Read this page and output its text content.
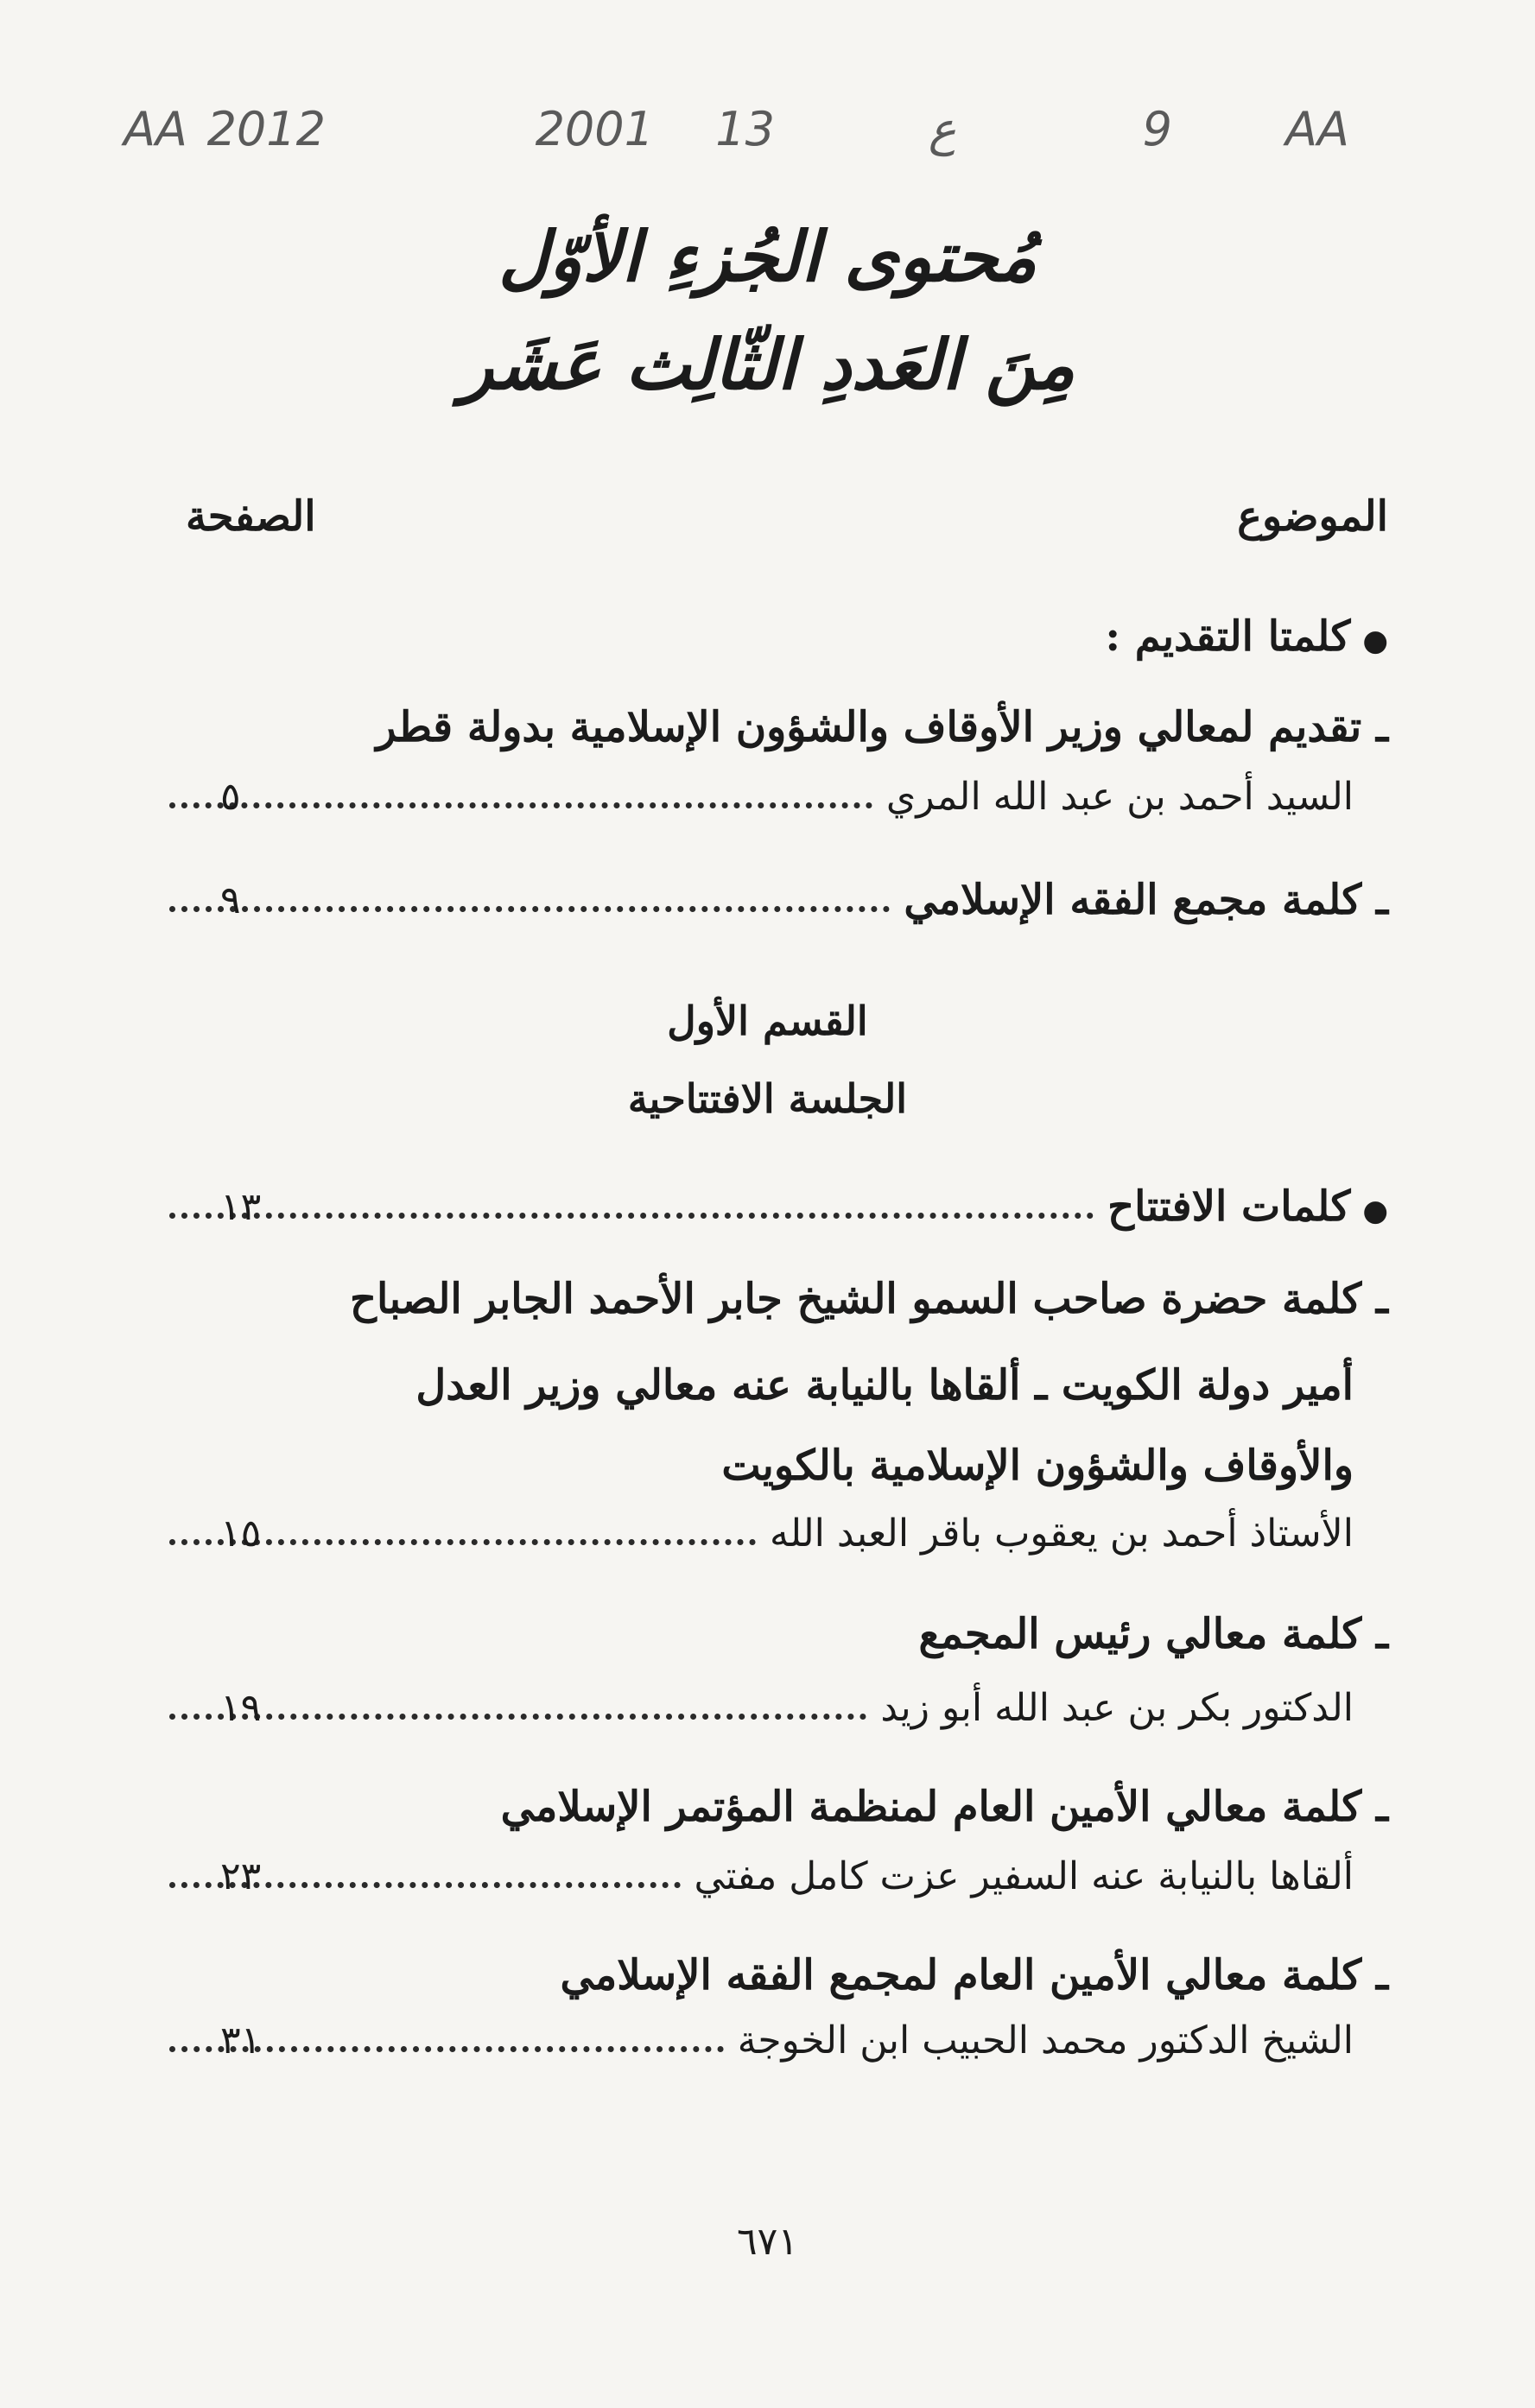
AA
9
ع
13
2001
2012
AA
مُحتوى الجُزءِ الأوّل
مِنَ العَددِ الثّالِث عَشَر
الموضوع
الصفحة
● كلمتا التقديم :
ـ تقديم لمعالي وزير الأوقاف والشؤون الإسلامية بدولة قطر
السيد أحمد بن عبد الله المري
٥
ـ كلمة مجمع الفقه الإسلامي
٩
القسم الأول
الجلسة الافتتاحية
● كلمات الافتتاح
١٣
ـ كلمة حضرة صاحب السمو الشيخ جابر الأحمد الجابر الصباح
أمير دولة الكويت ـ ألقاها بالنيابة عنه معالي وزير العدل
والأوقاف والشؤون الإسلامية بالكويت
الأستاذ أحمد بن يعقوب باقر العبد الله
١٥
ـ كلمة معالي رئيس المجمع
الدكتور بكر بن عبد الله أبو زيد
١٩
ـ كلمة معالي الأمين العام لمنظمة المؤتمر الإسلامي
ألقاها بالنيابة عنه السفير عزت كامل مفتي
٢٣
ـ كلمة معالي الأمين العام لمجمع الفقه الإسلامي
الشيخ الدكتور محمد الحبيب ابن الخوجة
٣١
٦٧١
